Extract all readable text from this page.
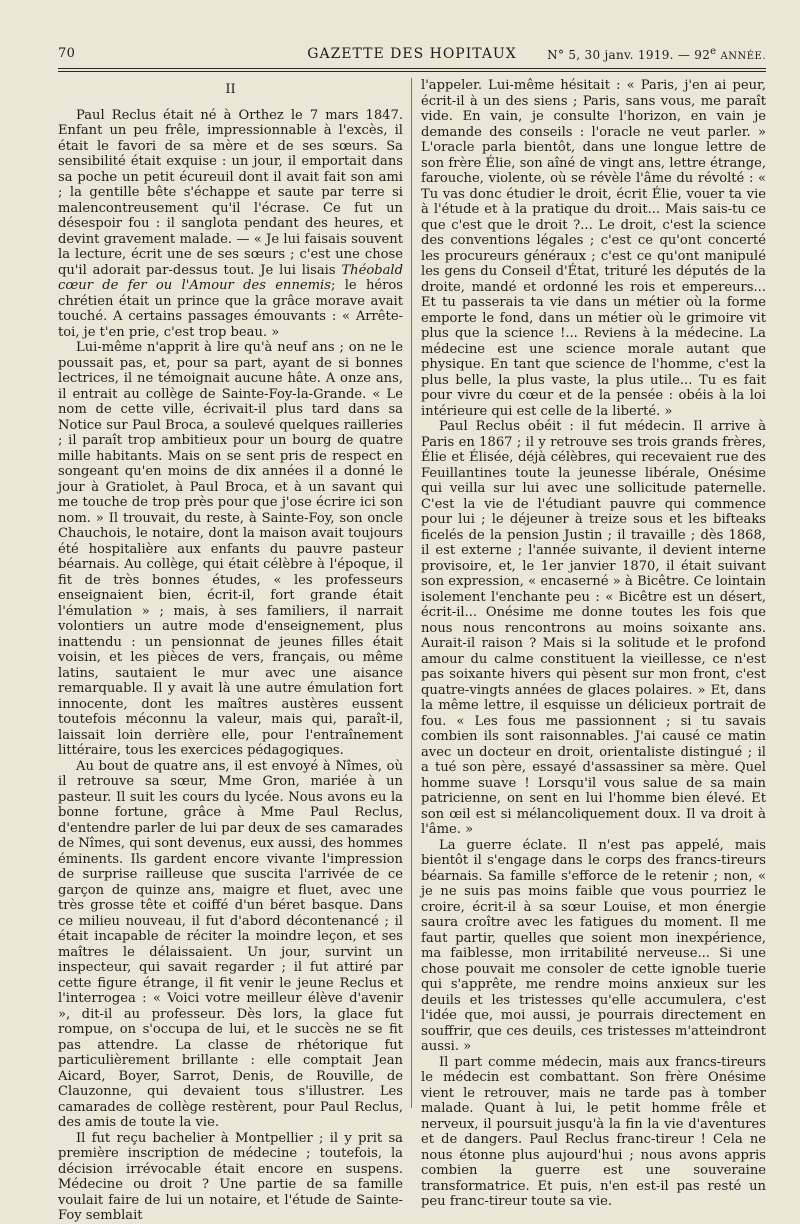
70	GAZETTE DES HOPITAUX	N° 5, 30 janv. 1919. — 92e ANNÉE.
II

Paul Reclus était né à Orthez le 7 mars 1847. Enfant un peu frêle, impressionnable à l'excès, il était le favori de sa mère et de ses sœurs. Sa sensibilité était exquise : un jour, il emportait dans sa poche un petit écureuil dont il avait fait son ami ; la gentille bête s'échappe et saute par terre si malencontreusement qu'il l'écrase. Ce fut un désespoir fou : il sanglota pendant des heures, et devint gravement malade. — « Je lui faisais souvent la lecture, écrit une de ses sœurs ; c'est une chose qu'il adorait par-dessus tout. Je lui lisais Théobald cœur de fer ou l'Amour des ennemis; le héros chrétien était un prince que la grâce morave avait touché. A certains passages émouvants : « Arrête-toi, je t'en prie, c'est trop beau. »

Lui-même n'apprit à lire qu'à neuf ans ; on ne le poussait pas, et, pour sa part, ayant de si bonnes lectrices, il ne témoignait aucune hâte. A onze ans, il entrait au collège de Sainte-Foy-la-Grande. « Le nom de cette ville, écrivait-il plus tard dans sa Notice sur Paul Broca, a soulevé quelques railleries ; il paraît trop ambitieux pour un bourg de quatre mille habitants. Mais on se sent pris de respect en songeant qu'en moins de dix années il a donné le jour à Gratiolet, à Paul Broca, et à un savant qui me touche de trop près pour que j'ose écrire ici son nom. » Il trouvait, du reste, à Sainte-Foy, son oncle Chauchois, le notaire, dont la maison avait toujours été hospitalière aux enfants du pauvre pasteur béarnais. Au collège, qui était célèbre à l'époque, il fit de très bonnes études, « les professeurs enseignaient bien, écrit-il, fort grande était l'émulation » ; mais, à ses familiers, il narrait volontiers un autre mode d'enseignement, plus inattendu : un pensionnat de jeunes filles était voisin, et les pièces de vers, français, ou même latins, sautaient le mur avec une aisance remarquable. Il y avait là une autre émulation fort innocente, dont les maîtres austères eussent toutefois méconnu la valeur, mais qui, paraît-il, laissait loin derrière elle, pour l'entraînement littéraire, tous les exercices pédagogiques.

Au bout de quatre ans, il est envoyé à Nîmes, où il retrouve sa sœur, Mme Gron, mariée à un pasteur. Il suit les cours du lycée. Nous avons eu la bonne fortune, grâce à Mme Paul Reclus, d'entendre parler de lui par deux de ses camarades de Nîmes, qui sont devenus, eux aussi, des hommes éminents. Ils gardent encore vivante l'impression de surprise railleuse que suscita l'arrivée de ce garçon de quinze ans, maigre et fluet, avec une très grosse tête et coiffé d'un béret basque. Dans ce milieu nouveau, il fut d'abord décontenancé ; il était incapable de réciter la moindre leçon, et ses maîtres le délaissaient. Un jour, survint un inspecteur, qui savait regarder ; il fut attiré par cette figure étrange, il fit venir le jeune Reclus et l'interrogea : « Voici votre meilleur élève d'avenir », dit-il au professeur. Dès lors, la glace fut rompue, on s'occupa de lui, et le succès ne se fit pas attendre. La classe de rhétorique fut particulièrement brillante : elle comptait Jean Aicard, Boyer, Sarrot, Denis, de Rouville, de Clauzonne, qui devaient tous s'illustrer. Les camarades de collège restèrent, pour Paul Reclus, des amis de toute la vie.

Il fut reçu bachelier à Montpellier ; il y prit sa première inscription de médecine ; toutefois, la décision irrévocable était encore en suspens. Médecine ou droit ? Une partie de sa famille voulait faire de lui un notaire, et l'étude de Sainte-Foy semblait

l'appeler. Lui-même hésitait : « Paris, j'en ai peur, écrit-il à un des siens ; Paris, sans vous, me paraît vide. En vain, je consulte l'horizon, en vain je demande des conseils : l'oracle ne veut parler. » L'oracle parla bientôt, dans une longue lettre de son frère Élie, son aîné de vingt ans, lettre étrange, farouche, violente, où se révèle l'âme du révolté : « Tu vas donc étudier le droit, écrit Élie, vouer ta vie à l'étude et à la pratique du droit... Mais sais-tu ce que c'est que le droit ?... Le droit, c'est la science des conventions légales ; c'est ce qu'ont concerté les procureurs généraux ; c'est ce qu'ont manipulé les gens du Conseil d'État, trituré les députés de la droite, mandé et ordonné les rois et empereurs... Et tu passerais ta vie dans un métier où la forme emporte le fond, dans un métier où le grimoire vit plus que la science !... Reviens à la médecine. La médecine est une science morale autant que physique. En tant que science de l'homme, c'est la plus belle, la plus vaste, la plus utile... Tu es fait pour vivre du cœur et de la pensée : obéis à la loi intérieure qui est celle de la liberté. »

Paul Reclus obéit : il fut médecin. Il arrive à Paris en 1867 ; il y retrouve ses trois grands frères, Élie et Élisée, déjà célèbres, qui recevaient rue des Feuillantines toute la jeunesse libérale, Onésime qui veilla sur lui avec une sollicitude paternelle. C'est la vie de l'étudiant pauvre qui commence pour lui ; le déjeuner à treize sous et les bifteaks ficelés de la pension Justin ; il travaille ; dès 1868, il est externe ; l'année suivante, il devient interne provisoire, et, le 1er janvier 1870, il était suivant son expression, « encaserné » à Bicêtre. Ce lointain isolement l'enchante peu : « Bicêtre est un désert, écrit-il... Onésime me donne toutes les fois que nous nous rencontrons au moins soixante ans. Aurait-il raison ? Mais si la solitude et le profond amour du calme constituent la vieillesse, ce n'est pas soixante hivers qui pèsent sur mon front, c'est quatre-vingts années de glaces polaires. » Et, dans la même lettre, il esquisse un délicieux portrait de fou. « Les fous me passionnent ; si tu savais combien ils sont raisonnables. J'ai causé ce matin avec un docteur en droit, orientaliste distingué ; il a tué son père, essayé d'assassiner sa mère. Quel homme suave ! Lorsqu'il vous salue de sa main patricienne, on sent en lui l'homme bien élevé. Et son œil est si mélancoliquement doux. Il va droit à l'âme. »

La guerre éclate. Il n'est pas appelé, mais bientôt il s'engage dans le corps des francs-tireurs béarnais. Sa famille s'efforce de le retenir ; non, « je ne suis pas moins faible que vous pourriez le croire, écrit-il à sa sœur Louise, et mon énergie saura croître avec les fatigues du moment. Il me faut partir, quelles que soient mon inexpérience, ma faiblesse, mon irritabilité nerveuse... Si une chose pouvait me consoler de cette ignoble tuerie qui s'apprête, me rendre moins anxieux sur les deuils et les tristesses qu'elle accumulera, c'est l'idée que, moi aussi, je pourrais directement en souffrir, que ces deuils, ces tristesses m'atteindront aussi. »

Il part comme médecin, mais aux francs-tireurs le médecin est combattant. Son frère Onésime vient le retrouver, mais ne tarde pas à tomber malade. Quant à lui, le petit homme frêle et nerveux, il poursuit jusqu'à la fin la vie d'aventures et de dangers. Paul Reclus franc-tireur ! Cela ne nous étonne plus aujourd'hui ; nous avons appris combien la guerre est une souveraine transformatrice. Et puis, n'en est-il pas resté un peu franc-tireur toute sa vie.
